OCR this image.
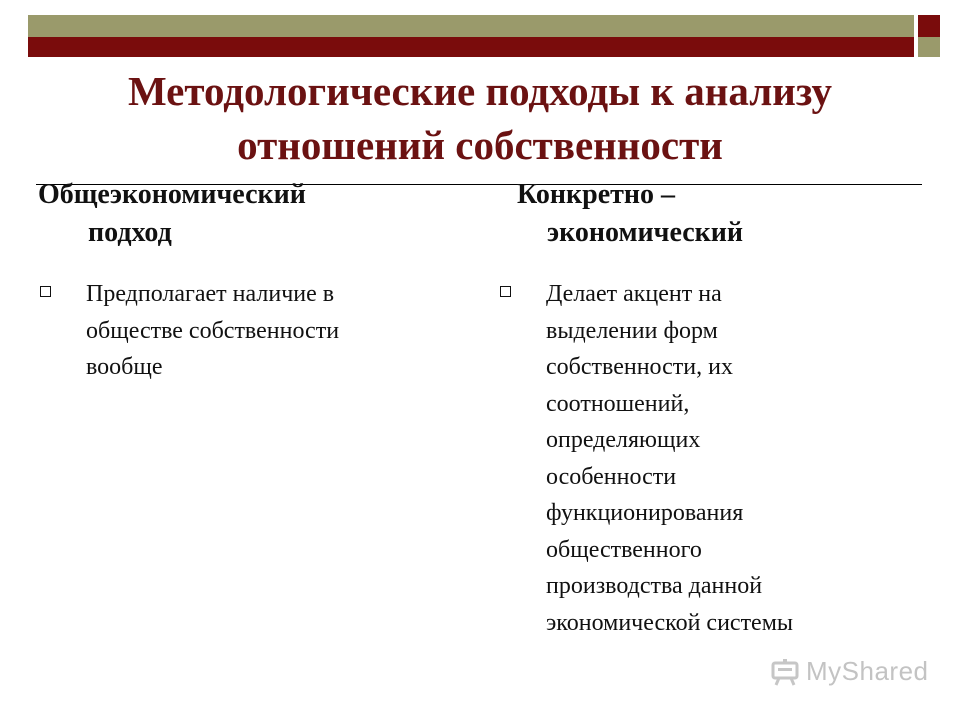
Методологические подходы к анализу
отношений собственности
Общеэкономический
подход
Предполагает наличие в
обществе собственности
вообще
Конкретно –
экономический
Делает акцент на
выделении форм
собственности, их
соотношений,
определяющих
особенности
функционирования
общественного
производства данной
экономической системы
MyShared
